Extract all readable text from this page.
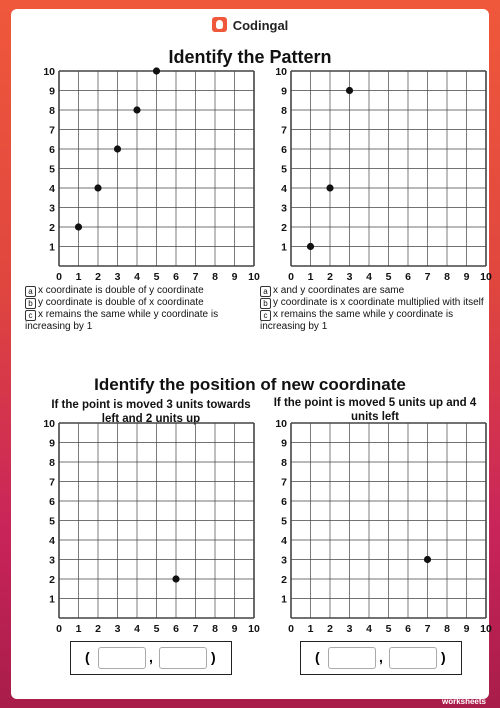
Codingal
Identify the Pattern
0 1
1
2
2
3
3
4
4
5
5
6
6
7
7
8
8
9
9
10
10
0 1
1
2
2
3
3
4
4
5
5
6
6
7
7
8
8
9
9
10
10
a x coordinate is double of y coordinate
b y coordinate is double of x coordinate
c x remains the same while y coordinate is increasing by 1
a x and y coordinates are same
b y coordinate is x coordinate multiplied with itself
c x remains the same while y coordinate is increasing by 1
Identify the position of new coordinate
If the point is moved 3 units towards left and 2 units up
If the point is moved 5 units up and 4 units left
0 1
1
2
2
3
3
4
4
5
5
6
6
7
7
8
8
9
9
10
10
0 1
1
2
2
3
3
4
4
5
5
6
6
7
7
8
8
9
9
10
10
(	,	)	(	,	)
TOP
worksheets
